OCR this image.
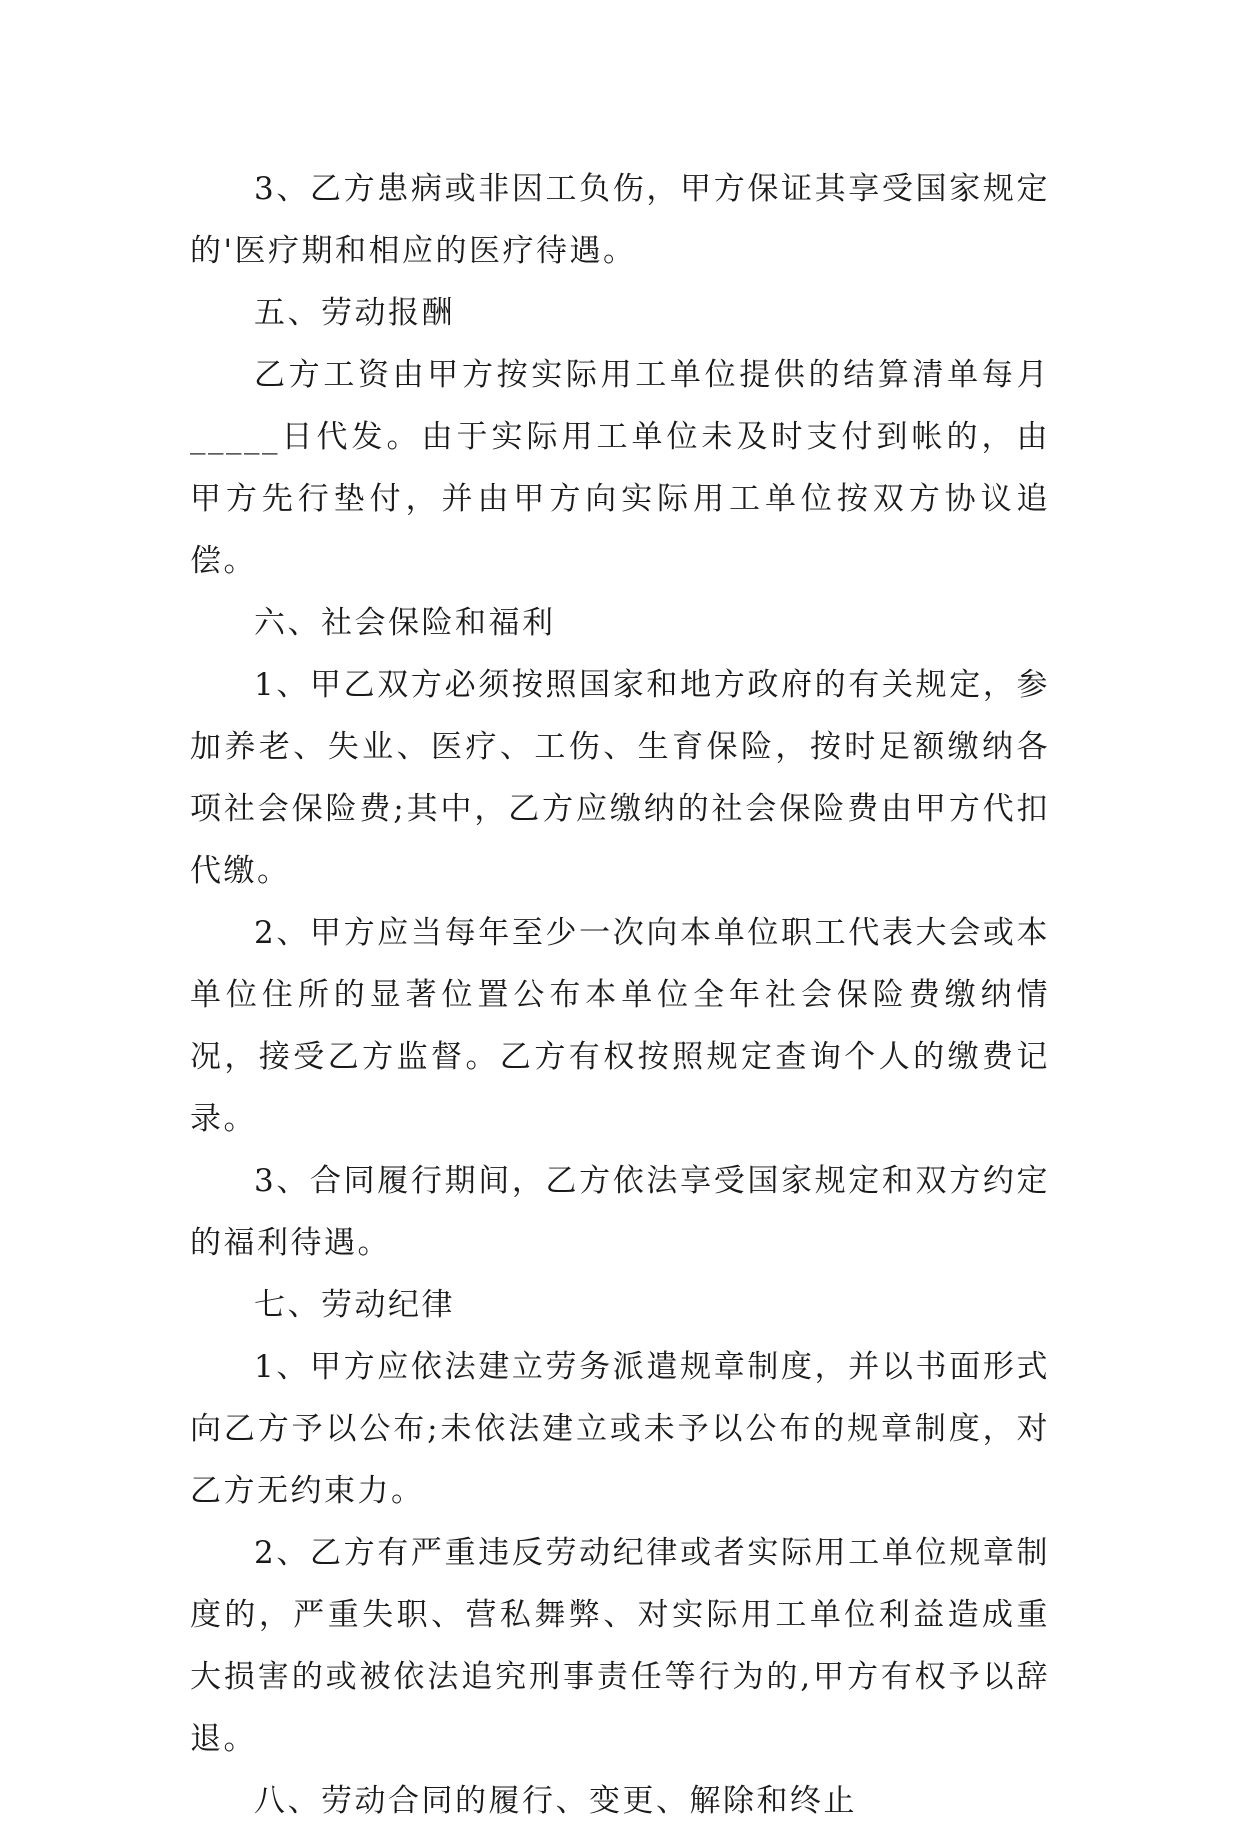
3、乙方患病或非因工负伤，甲方保证其享受国家规定的'医疗期和相应的医疗待遇。

五、劳动报酬

乙方工资由甲方按实际用工单位提供的结算清单每月_____日代发。由于实际用工单位未及时支付到帐的，由甲方先行垫付，并由甲方向实际用工单位按双方协议追偿。

六、社会保险和福利

1、甲乙双方必须按照国家和地方政府的有关规定，参加养老、失业、医疗、工伤、生育保险，按时足额缴纳各项社会保险费;其中，乙方应缴纳的社会保险费由甲方代扣代缴。

2、甲方应当每年至少一次向本单位职工代表大会或本单位住所的显著位置公布本单位全年社会保险费缴纳情况，接受乙方监督。乙方有权按照规定查询个人的缴费记录。

3、合同履行期间，乙方依法享受国家规定和双方约定的福利待遇。

七、劳动纪律

1、甲方应依法建立劳务派遣规章制度，并以书面形式向乙方予以公布;未依法建立或未予以公布的规章制度，对乙方无约束力。

2、乙方有严重违反劳动纪律或者实际用工单位规章制度的，严重失职、营私舞弊、对实际用工单位利益造成重大损害的或被依法追究刑事责任等行为的,甲方有权予以辞退。

八、劳动合同的履行、变更、解除和终止
